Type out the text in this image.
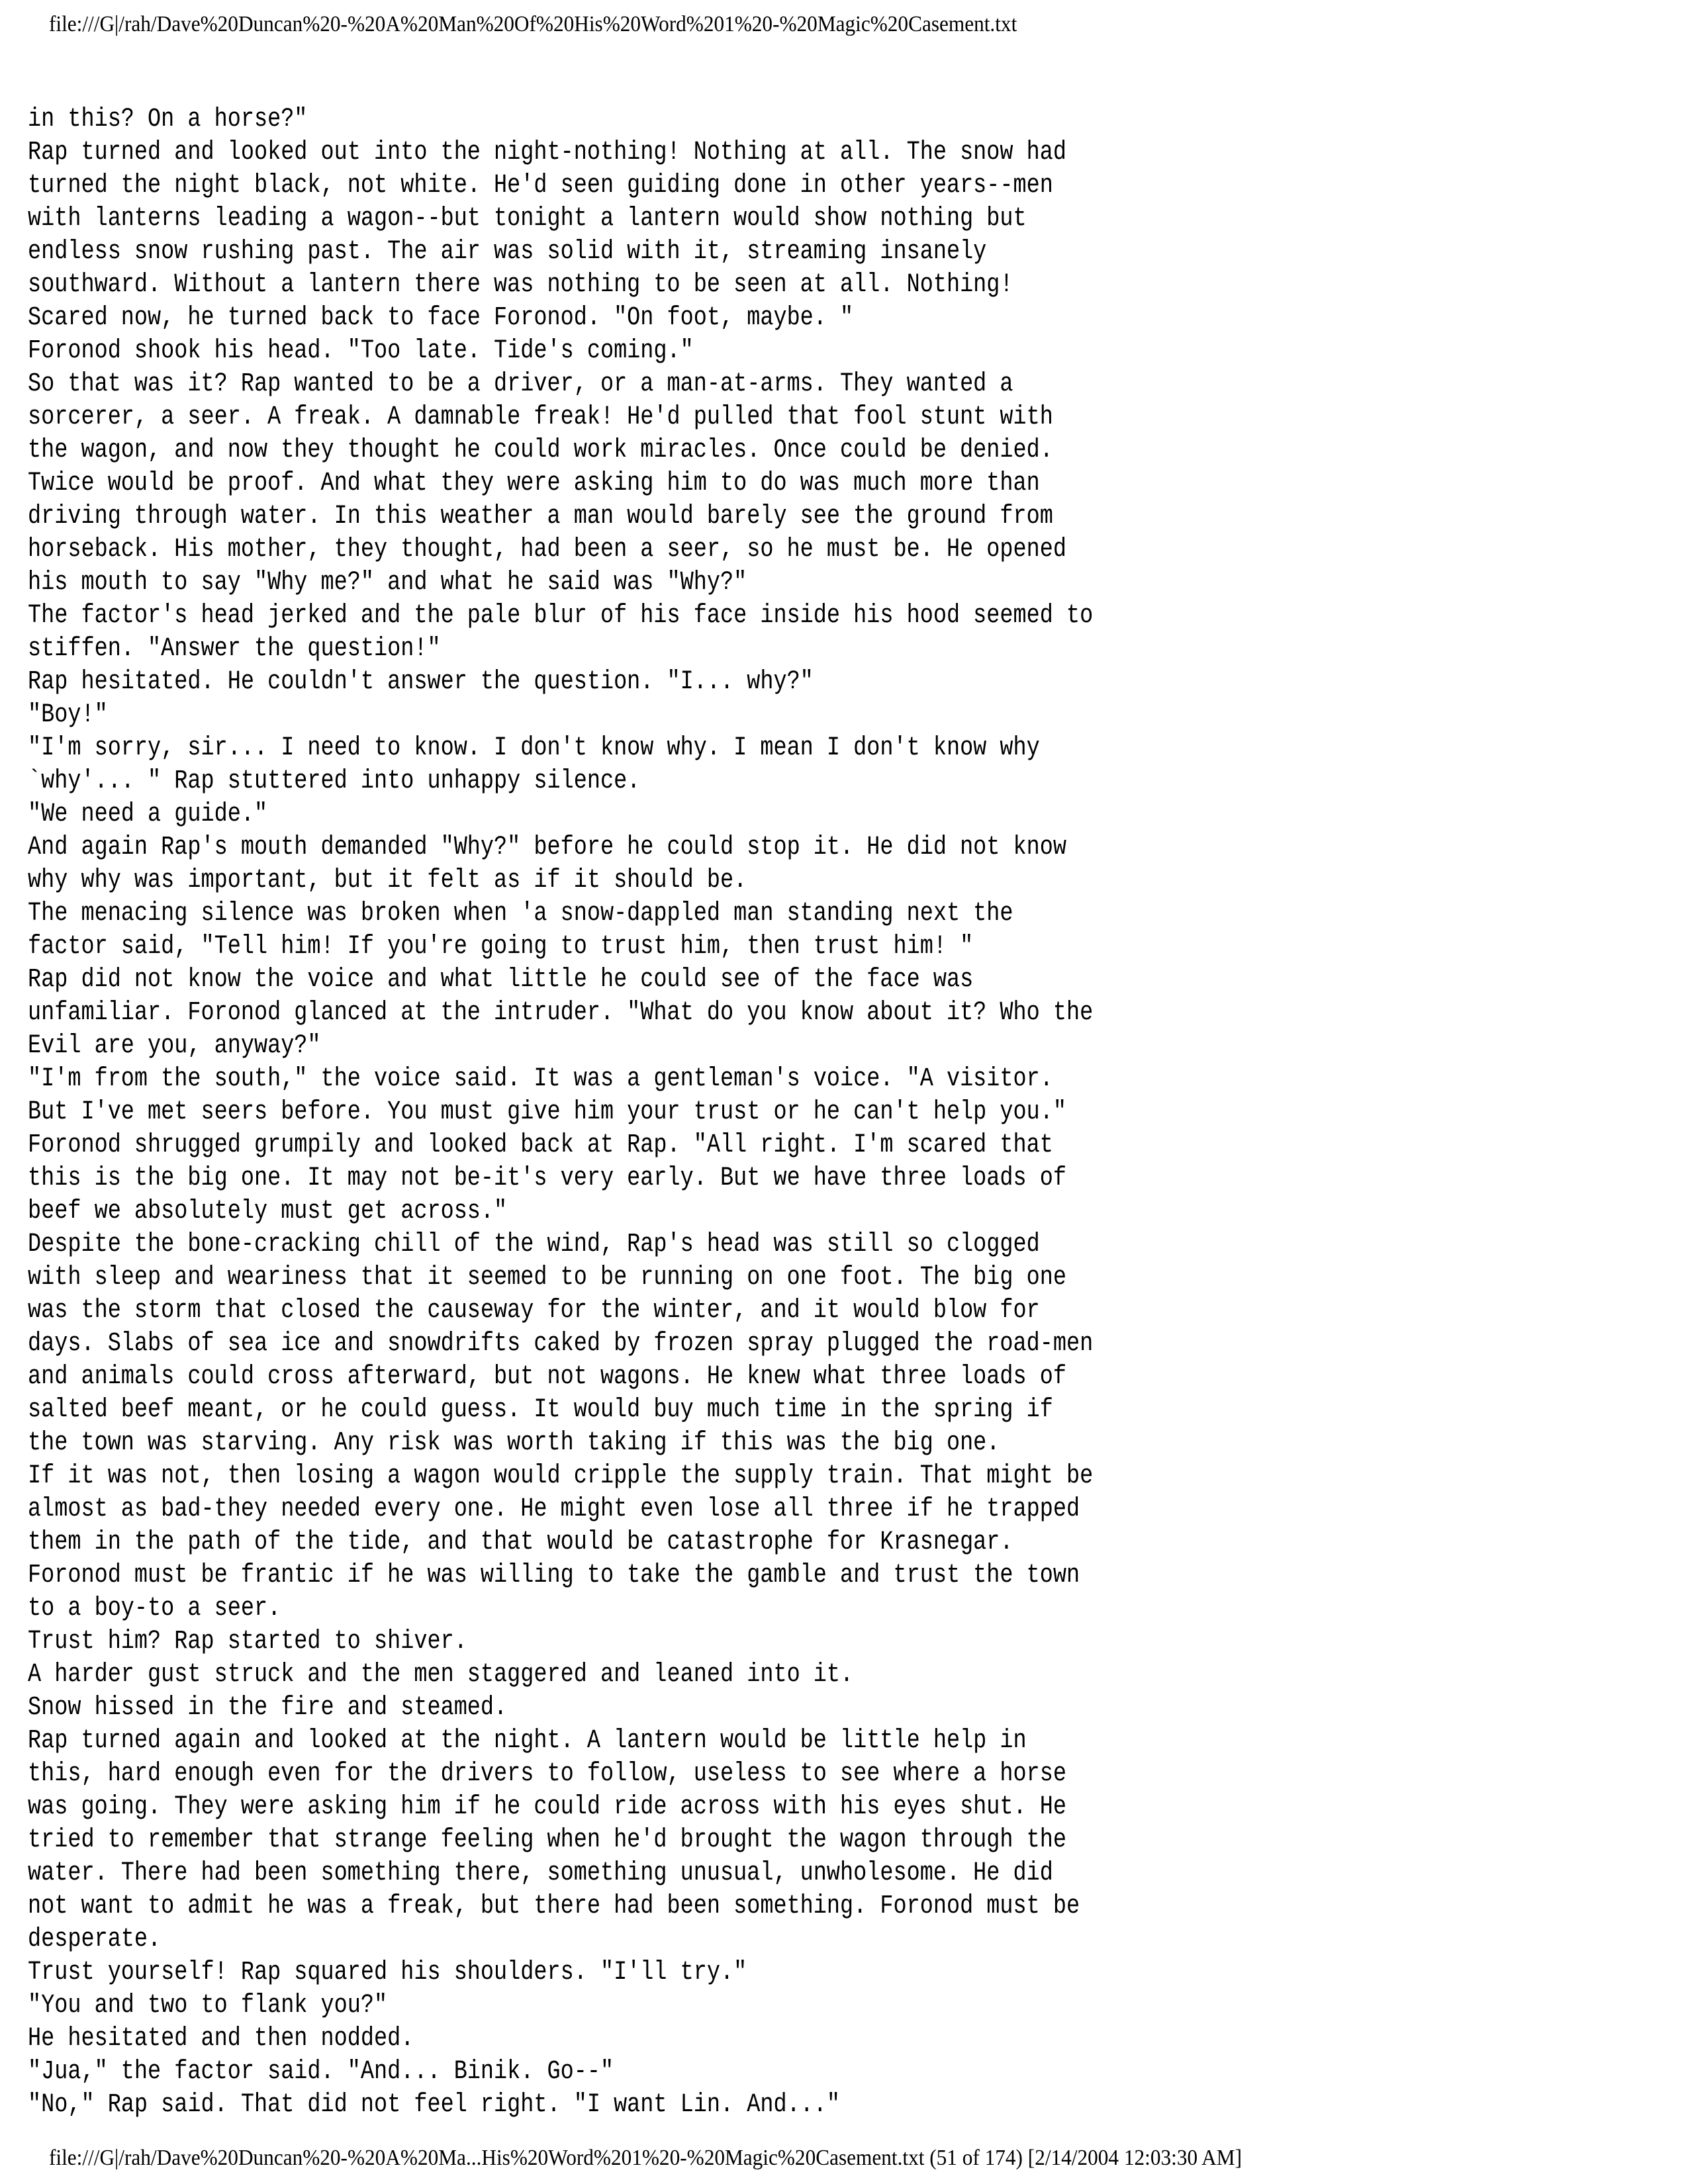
file:///G|/rah/Dave%20Duncan%20-%20A%20Man%20Of%20His%20Word%201%20-%20Magic%20Casement.txt
in this? On a horse?"
Rap turned and looked out into the night-nothing! Nothing at all. The snow had
turned the night black, not white. He'd seen guiding done in other years--men
with lanterns leading a wagon--but tonight a lantern would show nothing but
endless snow rushing past. The air was solid with it, streaming insanely
southward. Without a lantern there was nothing to be seen at all. Nothing!
Scared now, he turned back to face Foronod. "On foot, maybe. "
Foronod shook his head. "Too late. Tide's coming."
So that was it? Rap wanted to be a driver, or a man-at-arms. They wanted a
sorcerer, a seer. A freak. A damnable freak! He'd pulled that fool stunt with
the wagon, and now they thought he could work miracles. Once could be denied.
Twice would be proof. And what they were asking him to do was much more than
driving through water. In this weather a man would barely see the ground from
horseback. His mother, they thought, had been a seer, so he must be. He opened
his mouth to say "Why me?" and what he said was "Why?"
The factor's head jerked and the pale blur of his face inside his hood seemed to
stiffen. "Answer the question!"
Rap hesitated. He couldn't answer the question. "I... why?"
"Boy!"
"I'm sorry, sir... I need to know. I don't know why. I mean I don't know why
`why'... " Rap stuttered into unhappy silence.
"We need a guide."
And again Rap's mouth demanded "Why?" before he could stop it. He did not know
why why was important, but it felt as if it should be.
The menacing silence was broken when 'a snow-dappled man standing next the
factor said, "Tell him! If you're going to trust him, then trust him! "
Rap did not know the voice and what little he could see of the face was
unfamiliar. Foronod glanced at the intruder. "What do you know about it? Who the
Evil are you, anyway?"
"I'm from the south," the voice said. It was a gentleman's voice. "A visitor.
But I've met seers before. You must give him your trust or he can't help you."
Foronod shrugged grumpily and looked back at Rap. "All right. I'm scared that
this is the big one. It may not be-it's very early. But we have three loads of
beef we absolutely must get across."
Despite the bone-cracking chill of the wind, Rap's head was still so clogged
with sleep and weariness that it seemed to be running on one foot. The big one
was the storm that closed the causeway for the winter, and it would blow for
days. Slabs of sea ice and snowdrifts caked by frozen spray plugged the road-men
and animals could cross afterward, but not wagons. He knew what three loads of
salted beef meant, or he could guess. It would buy much time in the spring if
the town was starving. Any risk was worth taking if this was the big one.
If it was not, then losing a wagon would cripple the supply train. That might be
almost as bad-they needed every one. He might even lose all three if he trapped
them in the path of the tide, and that would be catastrophe for Krasnegar.
Foronod must be frantic if he was willing to take the gamble and trust the town
to a boy-to a seer.
Trust him? Rap started to shiver.
A harder gust struck and the men staggered and leaned into it.
Snow hissed in the fire and steamed.
Rap turned again and looked at the night. A lantern would be little help in
this, hard enough even for the drivers to follow, useless to see where a horse
was going. They were asking him if he could ride across with his eyes shut. He
tried to remember that strange feeling when he'd brought the wagon through the
water. There had been something there, something unusual, unwholesome. He did
not want to admit he was a freak, but there had been something. Foronod must be
desperate.
Trust yourself! Rap squared his shoulders. "I'll try."
"You and two to flank you?"
He hesitated and then nodded.
"Jua," the factor said. "And... Binik. Go--"
"No," Rap said. That did not feel right. "I want Lin. And..."
file:///G|/rah/Dave%20Duncan%20-%20A%20Ma...His%20Word%201%20-%20Magic%20Casement.txt (51 of 174) [2/14/2004 12:03:30 AM]
